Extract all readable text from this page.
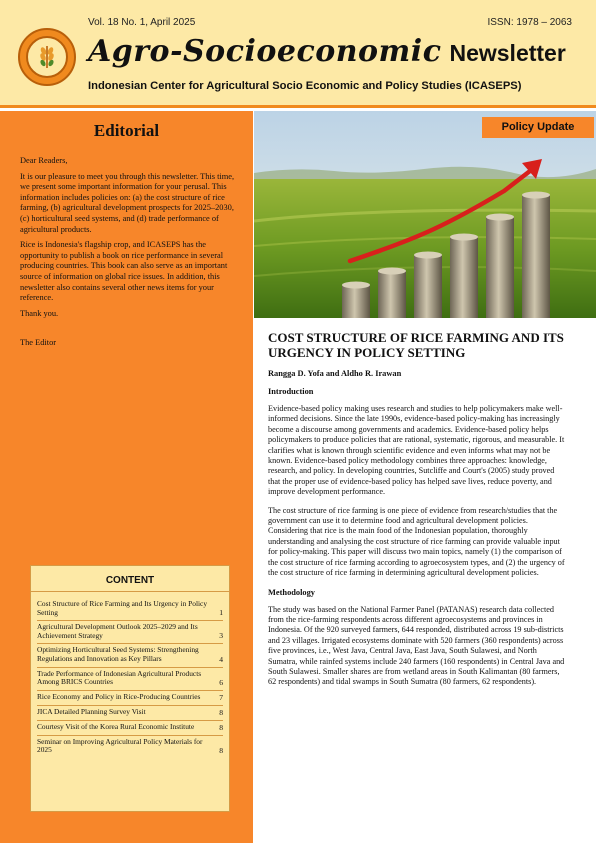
Vol. 18 No. 1, April 2025	ISSN: 1978 – 2063
Agro-Socioeconomic Newsletter
Indonesian Center for Agricultural Socio Economic and Policy Studies (ICASEPS)
Editorial

Dear Readers,

It is our pleasure to meet you through this newsletter. This time, we present some important information for your perusal. This information includes policies on: (a) the cost structure of rice farming, (b) agricultural development prospects for 2025–2030, (c) horticultural seed systems, and (d) trade performance of agricultural products.

Rice is Indonesia's flagship crop, and ICASEPS has the opportunity to publish a book on rice performance in several producing countries. This book can also serve as an important source of information on global rice issues. In addition, this newsletter also contains several other news items for your reference.

Thank you.

The Editor

CONTENT
Cost Structure of Rice Farming and Its Urgency in Policy Setting	1
Agricultural Development Outlook 2025–2029 and Its Achievement Strategy	3
Optimizing Horticultural Seed Systems: Strengthening Regulations and Innovation as Key Pillars	4
Trade Performance of Indonesian Agricultural Products Among BRICS Countries	6
Rice Economy and Policy in Rice-Producing Countries	7
JICA Detailed Planning Survey Visit	8
Courtesy Visit of the Korea Rural Economic Institute	8
Seminar on Improving Agricultural Policy Materials for 2025	8
Policy Update
COST STRUCTURE OF RICE FARMING AND ITS URGENCY IN POLICY SETTING
Rangga D. Yofa and Aldho R. Irawan
Introduction
Evidence-based policy making uses research and studies to help policymakers make well-informed decisions. Since the late 1990s, evidence-based policy-making has increasingly become a discourse among governments and academics. Evidence-based policy helps policymakers to produce policies that are rational, systematic, rigorous, and measurable. It clarifies what is known through scientific evidence and even informs what may not be known. Evidence-based policy methodology combines three approaches: knowledge, research, and policy. In developing countries, Sutcliffe and Court's (2005) study proved that the proper use of evidence-based policy has helped save lives, reduce poverty, and improve development performance.
The cost structure of rice farming is one piece of evidence from research/studies that the government can use it to determine food and agricultural development policies. Considering that rice is the main food of the Indonesian population, thoroughly understanding and analysing the cost structure of rice farming can provide valuable input for policy-making. This paper will discuss two main topics, namely (1) the comparison of the cost structure of rice farming according to agroecosystem types, and (2) the urgency of the cost structure of rice farming in determining agricultural development policies.
Methodology
The study was based on the National Farmer Panel (PATANAS) research data collected from the rice-farming respondents across different agroecosystems and provinces in Indonesia. Of the 920 surveyed farmers, 644 responded, distributed across 19 sub-districts and 23 villages. Irrigated ecosystems dominate with 520 farmers (360 respondents) across five provinces, i.e., West Java, Central Java, East Java, South Sulawesi, and North Sumatra, while rainfed systems include 240 farmers (160 respondents) in Central Java and South Sulawesi. Smaller shares are from wetland areas in South Kalimantan (80 farmers, 62 respondents) and tidal swamps in South Sumatra (80 farmers, 62 respondents).
